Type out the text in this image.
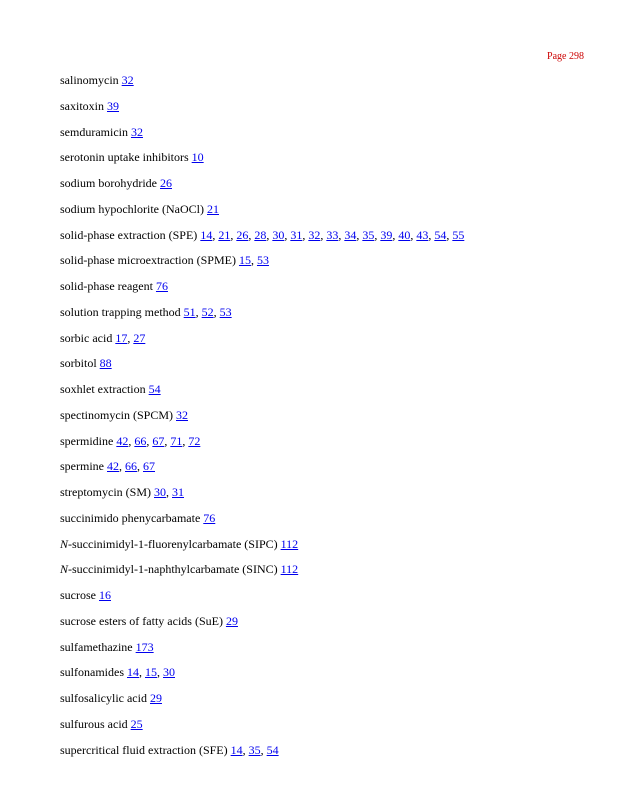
Page 298
salinomycin 32
saxitoxin 39
semduramicin 32
serotonin uptake inhibitors 10
sodium borohydride 26
sodium hypochlorite (NaOCl) 21
solid-phase extraction (SPE) 14, 21, 26, 28, 30, 31, 32, 33, 34, 35, 39, 40, 43, 54, 55
solid-phase microextraction (SPME) 15, 53
solid-phase reagent 76
solution trapping method 51, 52, 53
sorbic acid 17, 27
sorbitol 88
soxhlet extraction 54
spectinomycin (SPCM) 32
spermidine 42, 66, 67, 71, 72
spermine 42, 66, 67
streptomycin (SM) 30, 31
succinimido phenycarbamate 76
N-succinimidyl-1-fluorenylcarbamate (SIPC) 112
N-succinimidyl-1-naphthylcarbamate (SINC) 112
sucrose 16
sucrose esters of fatty acids (SuE) 29
sulfamethazine 173
sulfonamides 14, 15, 30
sulfosalicylic acid 29
sulfurous acid 25
supercritical fluid extraction (SFE) 14, 35, 54
